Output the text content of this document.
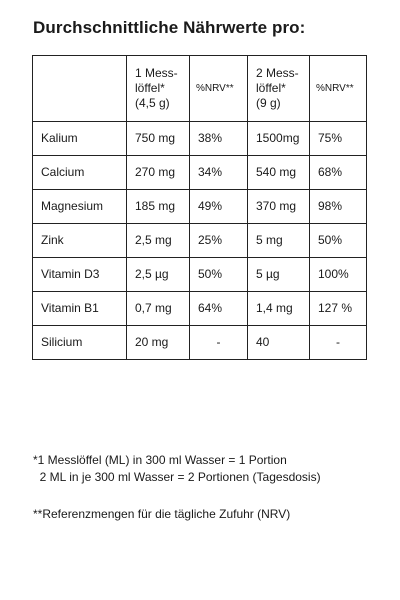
Durchschnittliche Nährwerte pro:
	1 Mess-
löffel*
(4,5 g)	%NRV**	2 Mess-
löffel*
(9 g)	%NRV**
Kalium	750 mg	38%	1500mg	75%
Calcium	270 mg	34%	540 mg	68%
Magnesium	185 mg	49%	370 mg	98%
Zink	2,5 mg	25%	5 mg	50%
Vitamin D3	2,5 µg	50%	5 µg	100%
Vitamin B1	0,7 mg	64%	1,4 mg	127 %
Silicium	20 mg	-	40	-
*1 Messlöffel (ML) in 300 ml Wasser = 1 Portion
2 ML in je 300 ml Wasser = 2 Portionen (Tagesdosis)
**Referenzmengen für die tägliche Zufuhr (NRV)
